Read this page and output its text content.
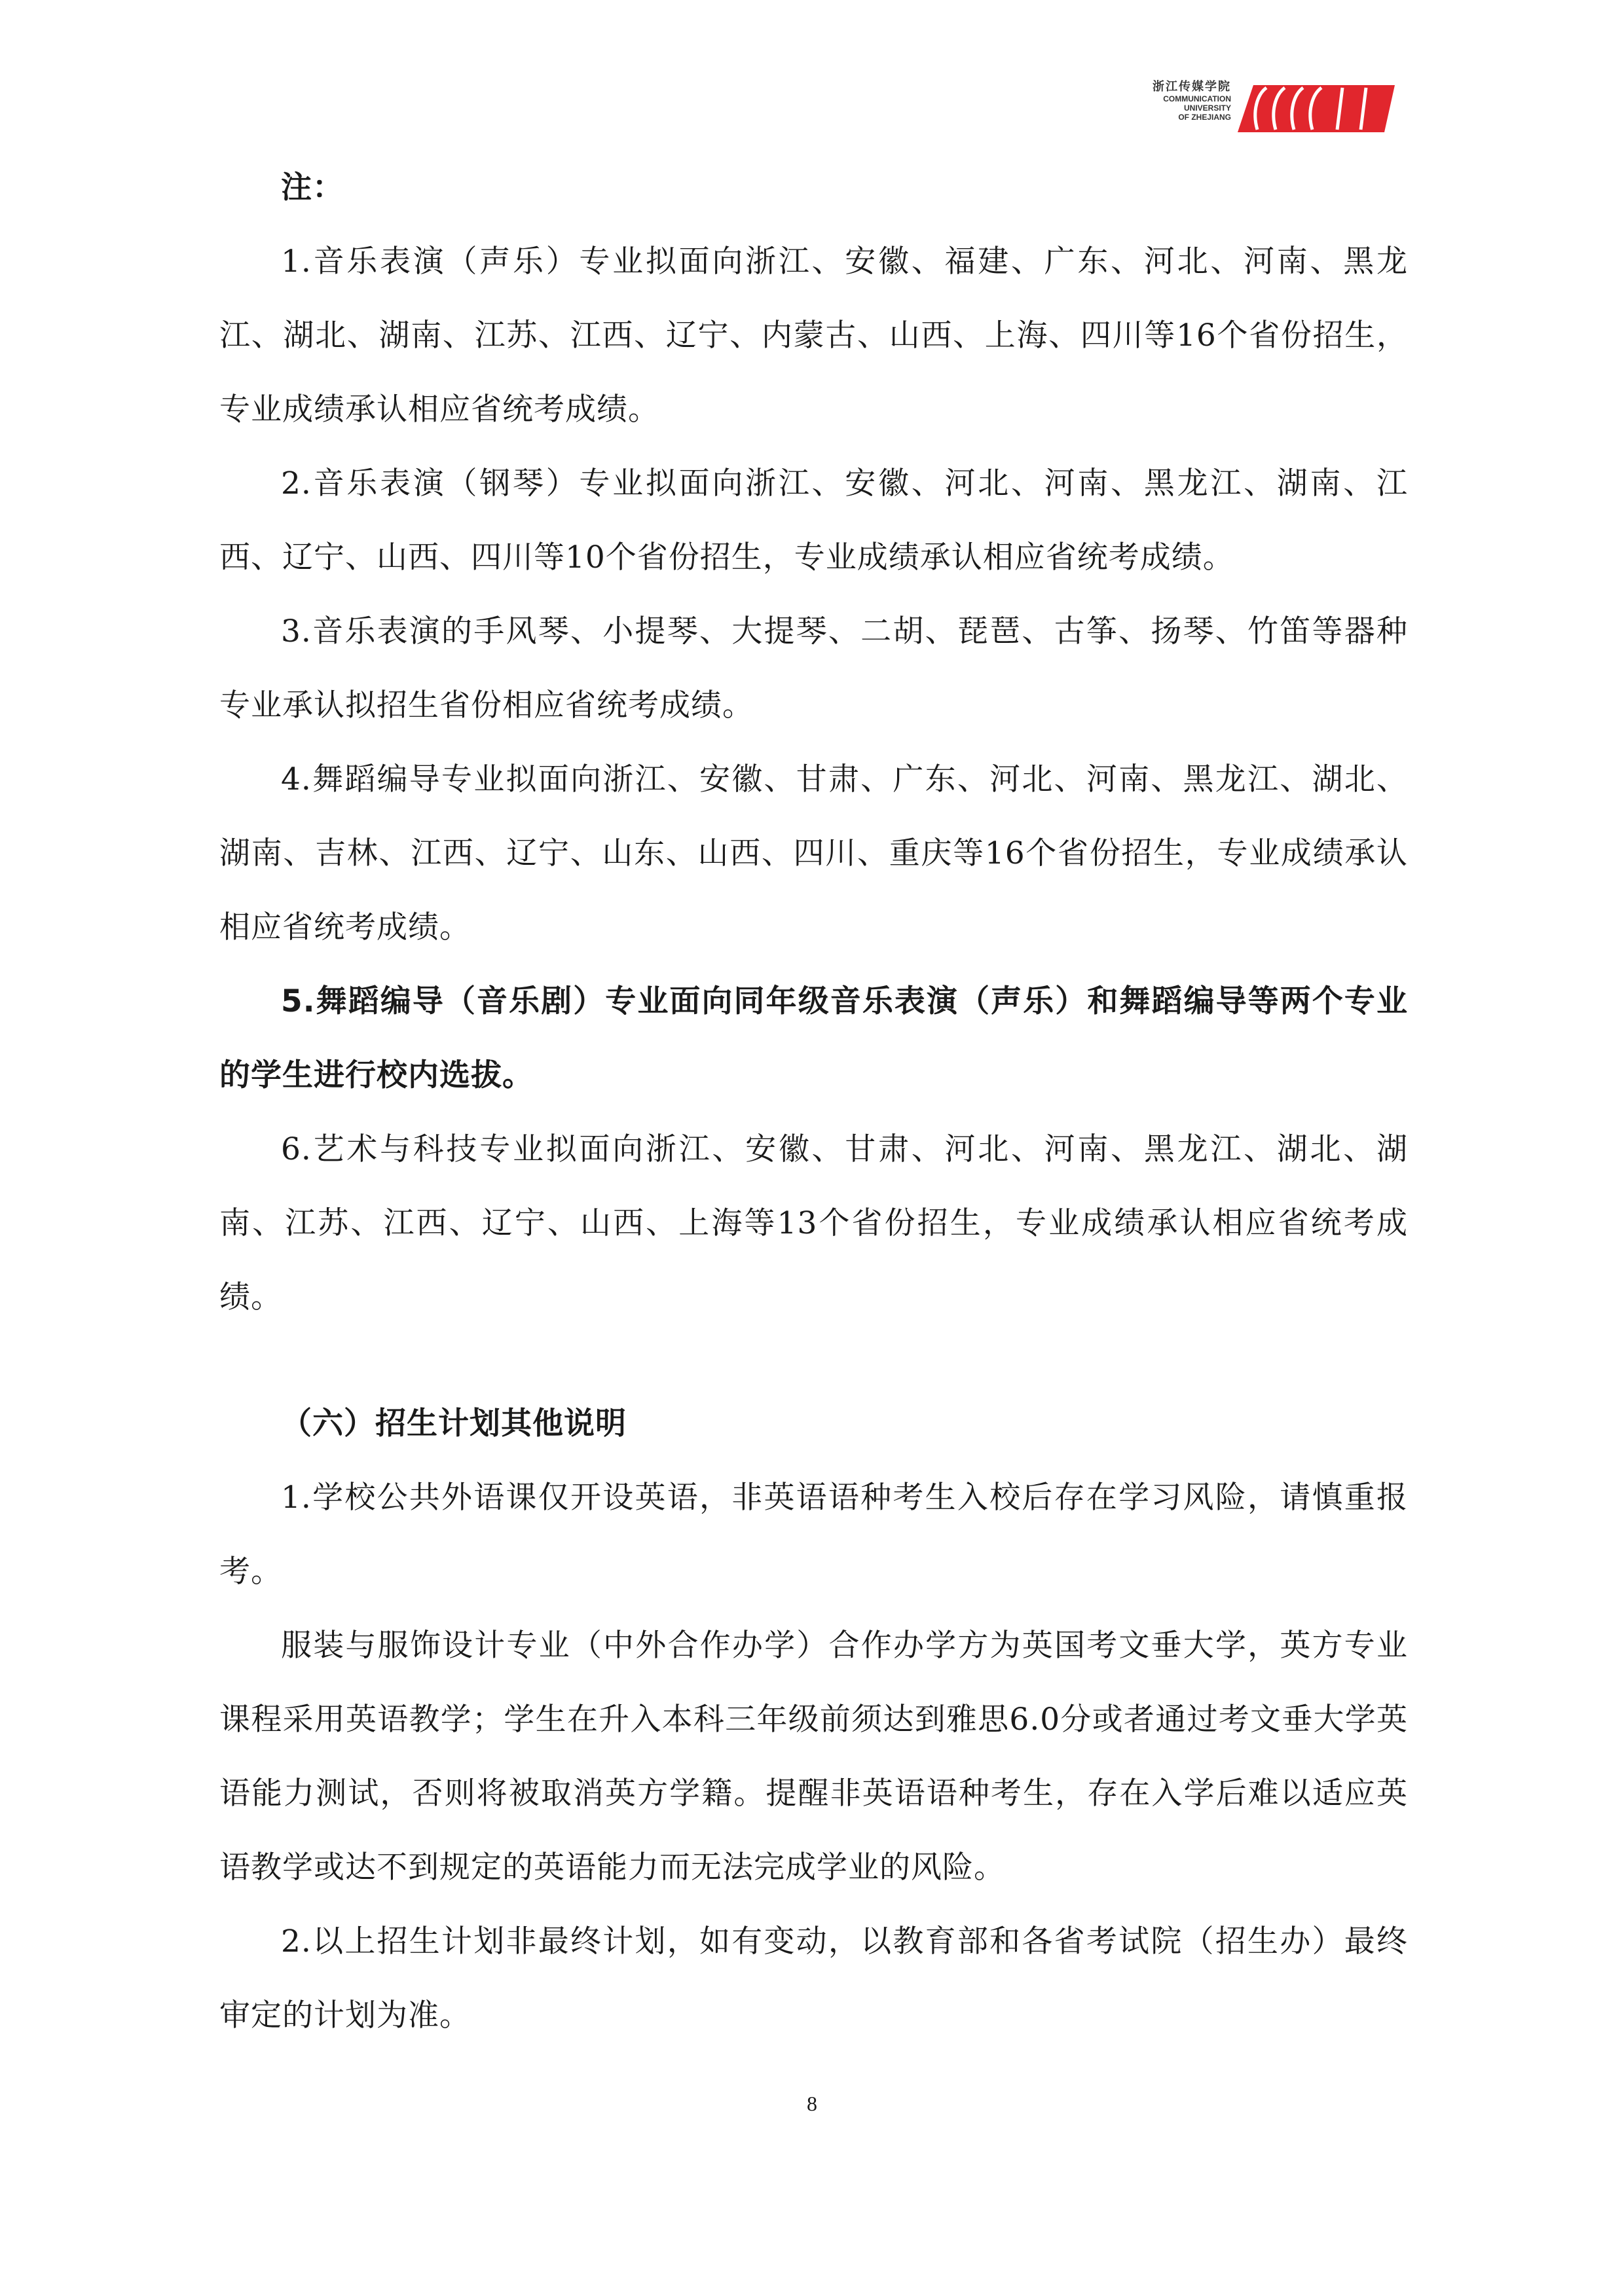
浙江传媒学院
COMMUNICATION
UNIVERSITY
OF ZHEJIANG

注：

1.音乐表演（声乐）专业拟面向浙江、安徽、福建、广东、河北、河南、黑龙江、湖北、湖南、江苏、江西、辽宁、内蒙古、山西、上海、四川等16个省份招生，专业成绩承认相应省统考成绩。

2.音乐表演（钢琴）专业拟面向浙江、安徽、河北、河南、黑龙江、湖南、江西、辽宁、山西、四川等10个省份招生，专业成绩承认相应省统考成绩。

3.音乐表演的手风琴、小提琴、大提琴、二胡、琵琶、古筝、扬琴、竹笛等器种专业承认拟招生省份相应省统考成绩。

4.舞蹈编导专业拟面向浙江、安徽、甘肃、广东、河北、河南、黑龙江、湖北、湖南、吉林、江西、辽宁、山东、山西、四川、重庆等16个省份招生，专业成绩承认相应省统考成绩。

5.舞蹈编导（音乐剧）专业面向同年级音乐表演（声乐）和舞蹈编导等两个专业的学生进行校内选拔。

6.艺术与科技专业拟面向浙江、安徽、甘肃、河北、河南、黑龙江、湖北、湖南、江苏、江西、辽宁、山西、上海等13个省份招生，专业成绩承认相应省统考成绩。

（六）招生计划其他说明

1.学校公共外语课仅开设英语，非英语语种考生入校后存在学习风险，请慎重报考。

服装与服饰设计专业（中外合作办学）合作办学方为英国考文垂大学，英方专业课程采用英语教学；学生在升入本科三年级前须达到雅思6.0分或者通过考文垂大学英语能力测试，否则将被取消英方学籍。提醒非英语语种考生，存在入学后难以适应英语教学或达不到规定的英语能力而无法完成学业的风险。

2.以上招生计划非最终计划，如有变动，以教育部和各省考试院（招生办）最终审定的计划为准。

8
